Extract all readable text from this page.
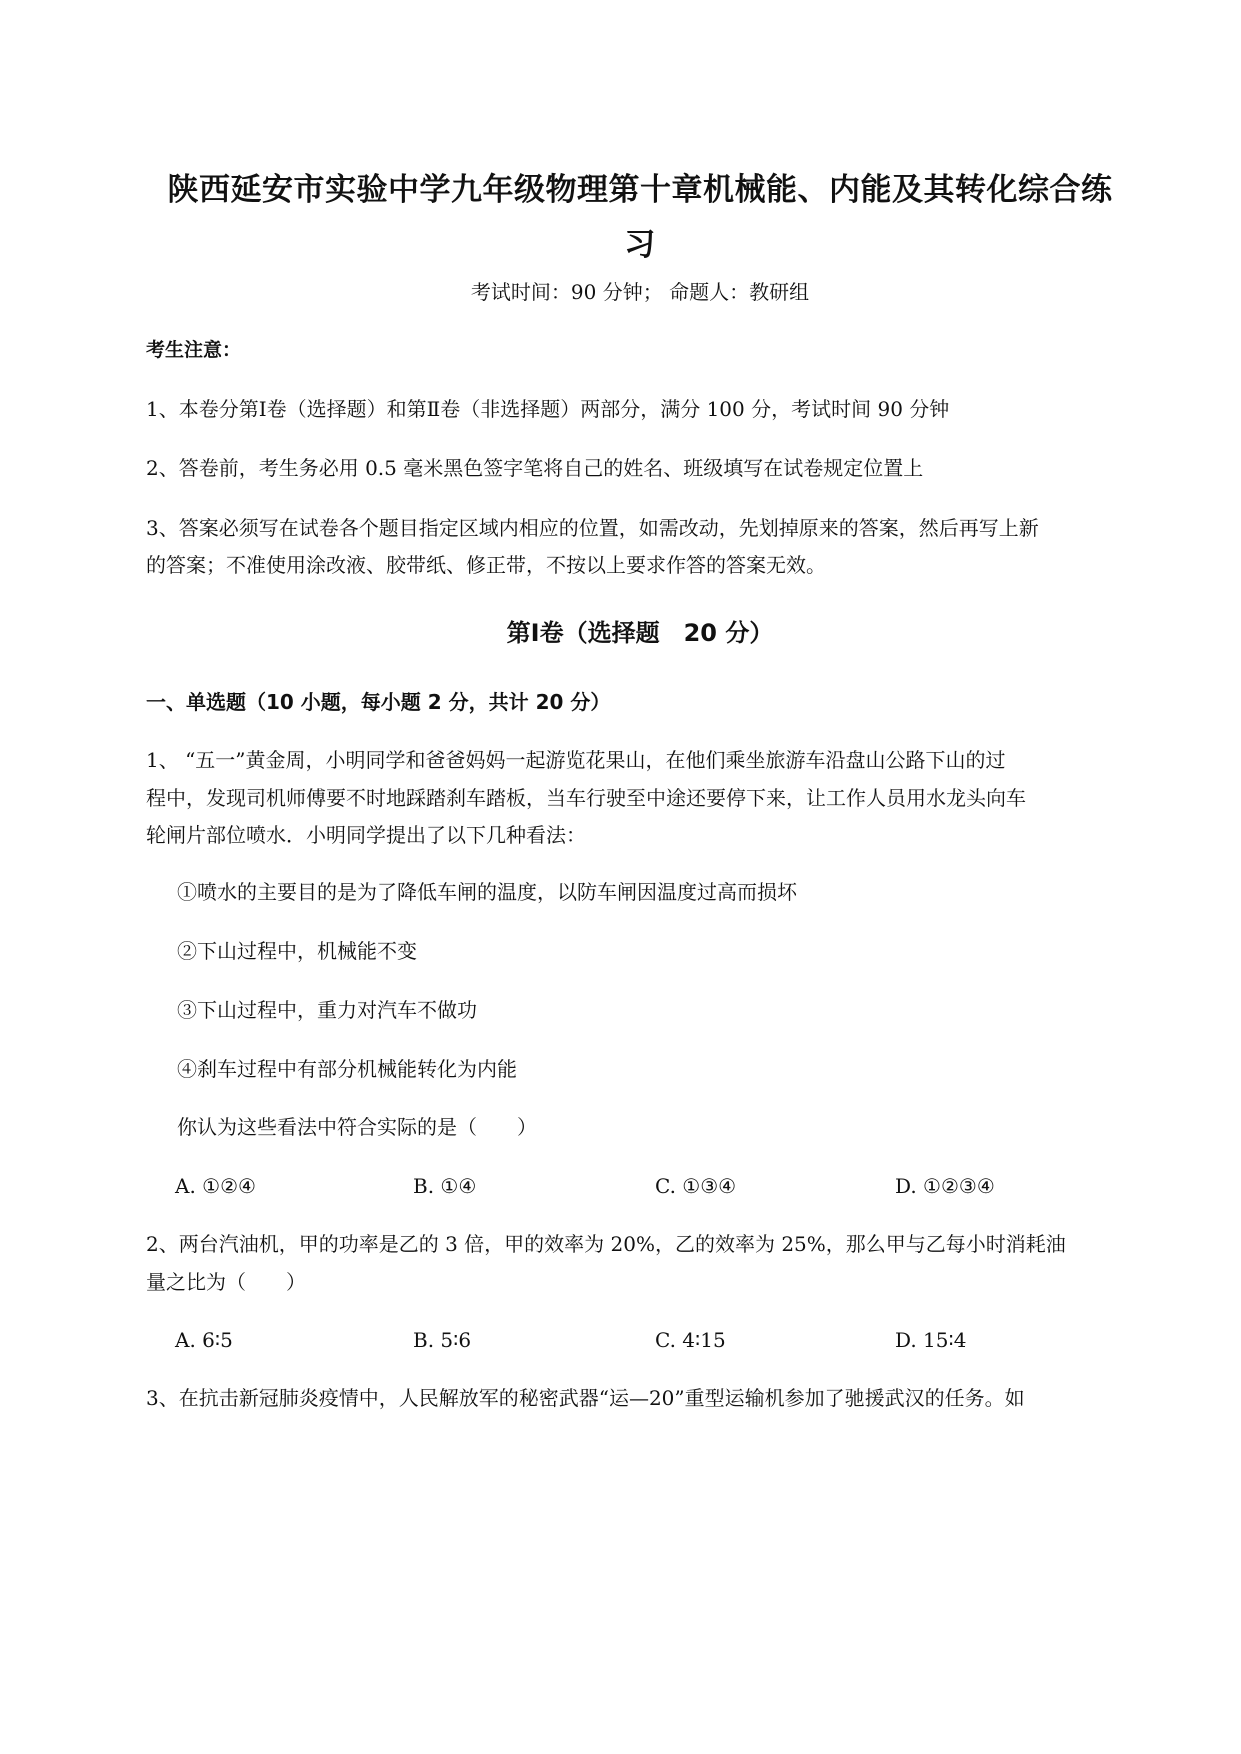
陕西延安市实验中学九年级物理第十章机械能、内能及其转化综合练
习
考试时间：90 分钟； 命题人：教研组
考生注意：
1、本卷分第Ⅰ卷（选择题）和第Ⅱ卷（非选择题）两部分，满分 100 分，考试时间 90 分钟
2、答卷前，考生务必用 0.5 毫米黑色签字笔将自己的姓名、班级填写在试卷规定位置上
3、答案必须写在试卷各个题目指定区域内相应的位置，如需改动，先划掉原来的答案，然后再写上新
的答案；不准使用涂改液、胶带纸、修正带，不按以上要求作答的答案无效。
第Ⅰ卷（选择题　20 分）
一、单选题（10 小题，每小题 2 分，共计 20 分）
1、 “五一”黄金周，小明同学和爸爸妈妈一起游览花果山，在他们乘坐旅游车沿盘山公路下山的过
程中，发现司机师傅要不时地踩踏刹车踏板，当车行驶至中途还要停下来，让工作人员用水龙头向车
轮闸片部位喷水．小明同学提出了以下几种看法：
①喷水的主要目的是为了降低车闸的温度，以防车闸因温度过高而损坏
②下山过程中，机械能不变
③下山过程中，重力对汽车不做功
④刹车过程中有部分机械能转化为内能
你认为这些看法中符合实际的是（　　）
A. ①②④	B. ①④	C. ①③④	D. ①②③④
2、两台汽油机，甲的功率是乙的 3 倍，甲的效率为 20%，乙的效率为 25%，那么甲与乙每小时消耗油
量之比为（　　）
A. 6∶5	B. 5∶6	C. 4∶15	D. 15∶4
3、在抗击新冠肺炎疫情中，人民解放军的秘密武器“运—20”重型运输机参加了驰援武汉的任务。如
